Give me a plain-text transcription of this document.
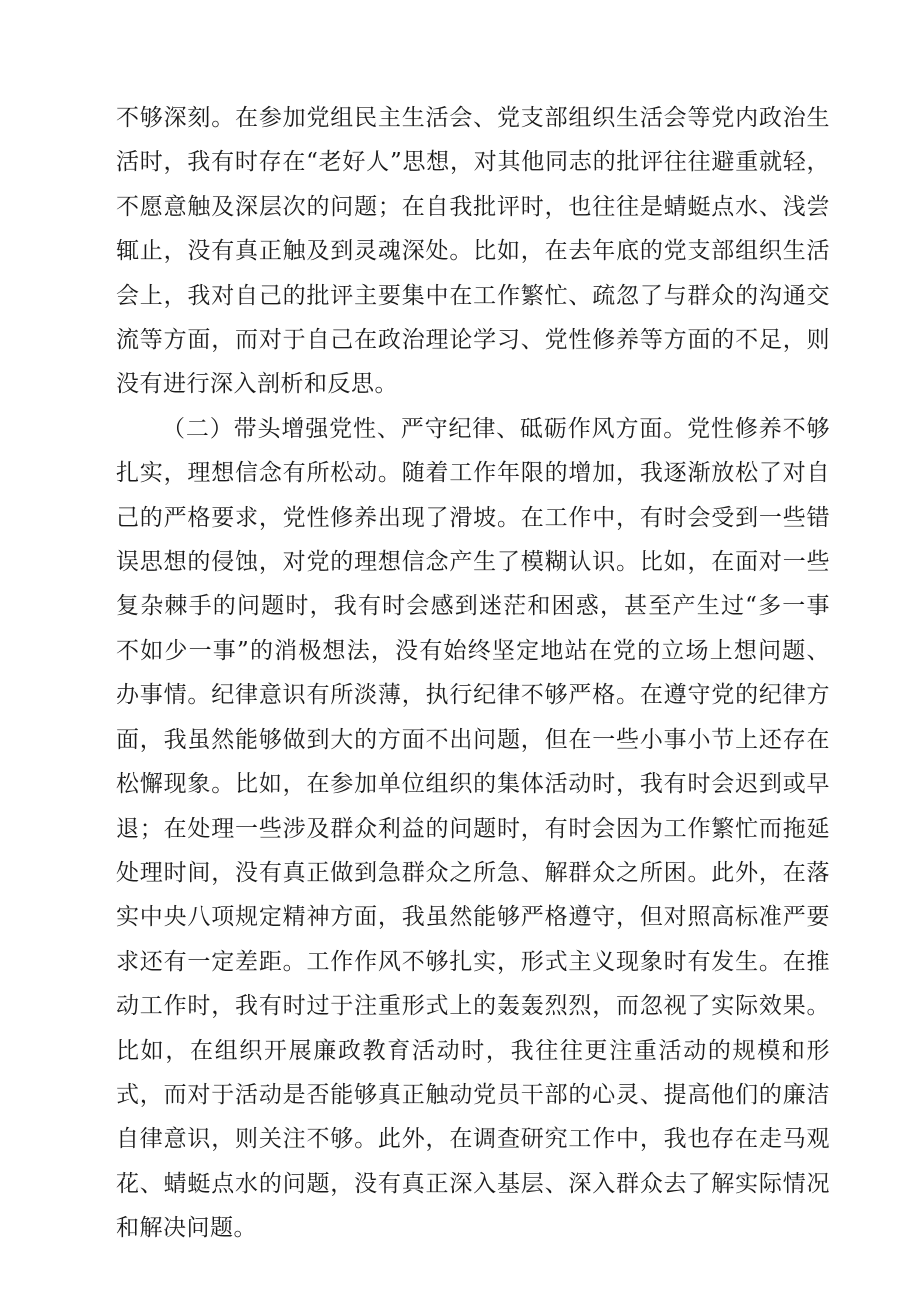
不够深刻。在参加党组民主生活会、党支部组织生活会等党内政治生活时，我有时存在“老好人”思想，对其他同志的批评往往避重就轻，不愿意触及深层次的问题；在自我批评时，也往往是蜻蜓点水、浅尝辄止，没有真正触及到灵魂深处。比如，在去年底的党支部组织生活会上，我对自己的批评主要集中在工作繁忙、疏忽了与群众的沟通交流等方面，而对于自己在政治理论学习、党性修养等方面的不足，则没有进行深入剖析和反思。

（二）带头增强党性、严守纪律、砥砺作风方面。党性修养不够扎实，理想信念有所松动。随着工作年限的增加，我逐渐放松了对自己的严格要求，党性修养出现了滑坡。在工作中，有时会受到一些错误思想的侵蚀，对党的理想信念产生了模糊认识。比如，在面对一些复杂棘手的问题时，我有时会感到迷茫和困惑，甚至产生过“多一事不如少一事”的消极想法，没有始终坚定地站在党的立场上想问题、办事情。纪律意识有所淡薄，执行纪律不够严格。在遵守党的纪律方面，我虽然能够做到大的方面不出问题，但在一些小事小节上还存在松懈现象。比如，在参加单位组织的集体活动时，我有时会迟到或早退；在处理一些涉及群众利益的问题时，有时会因为工作繁忙而拖延处理时间，没有真正做到急群众之所急、解群众之所困。此外，在落实中央八项规定精神方面，我虽然能够严格遵守，但对照高标准严要求还有一定差距。工作作风不够扎实，形式主义现象时有发生。在推动工作时，我有时过于注重形式上的轰轰烈烈，而忽视了实际效果。比如，在组织开展廉政教育活动时，我往往更注重活动的规模和形式，而对于活动是否能够真正触动党员干部的心灵、提高他们的廉洁自律意识，则关注不够。此外，在调查研究工作中，我也存在走马观花、蜻蜓点水的问题，没有真正深入基层、深入群众去了解实际情况和解决问题。
